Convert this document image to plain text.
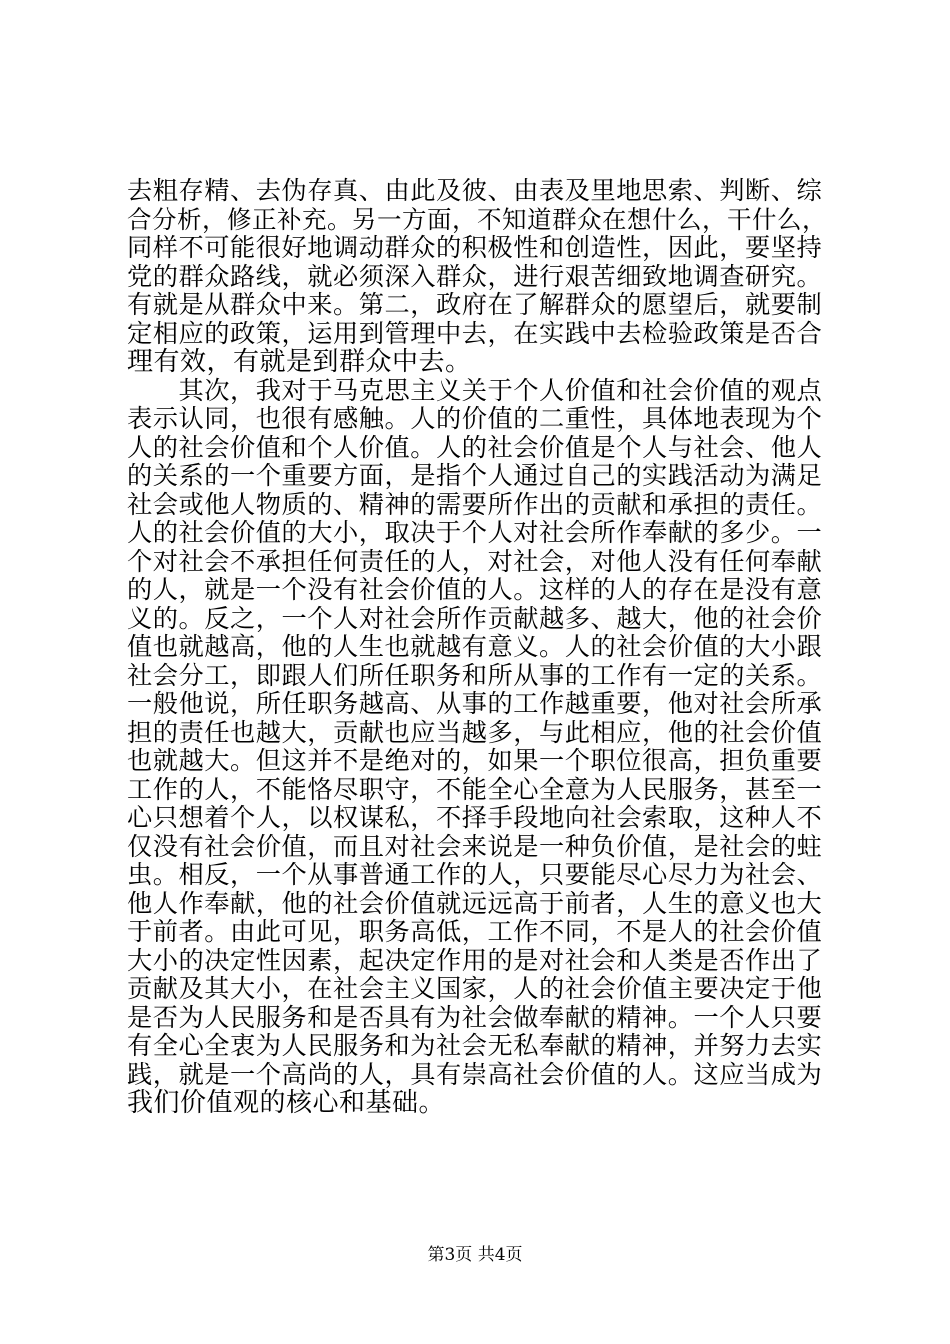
去粗存精、去伪存真、由此及彼、由表及里地思索、判断、综
合分析，修正补充。另一方面，不知道群众在想什么，干什么，
同样不可能很好地调动群众的积极性和创造性，因此，要坚持
党的群众路线，就必须深入群众，进行艰苦细致地调查研究。
有就是从群众中来。第二，政府在了解群众的愿望后，就要制
定相应的政策，运用到管理中去，在实践中去检验政策是否合
理有效，有就是到群众中去。
　　其次，我对于马克思主义关于个人价值和社会价值的观点
表示认同，也很有感触。人的价值的二重性，具体地表现为个
人的社会价值和个人价值。人的社会价值是个人与社会、他人
的关系的一个重要方面，是指个人通过自己的实践活动为满足
社会或他人物质的、精神的需要所作出的贡献和承担的责任。
人的社会价值的大小，取决于个人对社会所作奉献的多少。一
个对社会不承担任何责任的人，对社会，对他人没有任何奉献
的人，就是一个没有社会价值的人。这样的人的存在是没有意
义的。反之，一个人对社会所作贡献越多、越大，他的社会价
值也就越高，他的人生也就越有意义。人的社会价值的大小跟
社会分工，即跟人们所任职务和所从事的工作有一定的关系。
一般他说，所任职务越高、从事的工作越重要，他对社会所承
担的责任也越大，贡献也应当越多，与此相应，他的社会价值
也就越大。但这并不是绝对的，如果一个职位很高，担负重要
工作的人，不能恪尽职守，不能全心全意为人民服务，甚至一
心只想着个人，以权谋私，不择手段地向社会索取，这种人不
仅没有社会价值，而且对社会来说是一种负价值，是社会的蛀
虫。相反，一个从事普通工作的人，只要能尽心尽力为社会、
他人作奉献，他的社会价值就远远高于前者，人生的意义也大
于前者。由此可见，职务高低，工作不同，不是人的社会价值
大小的决定性因素，起决定作用的是对社会和人类是否作出了
贡献及其大小，在社会主义国家，人的社会价值主要决定于他
是否为人民服务和是否具有为社会做奉献的精神。一个人只要
有全心全衷为人民服务和为社会无私奉献的精神，并努力去实
践，就是一个高尚的人，具有崇高社会价值的人。这应当成为
我们价值观的核心和基础。
第3页 共4页
